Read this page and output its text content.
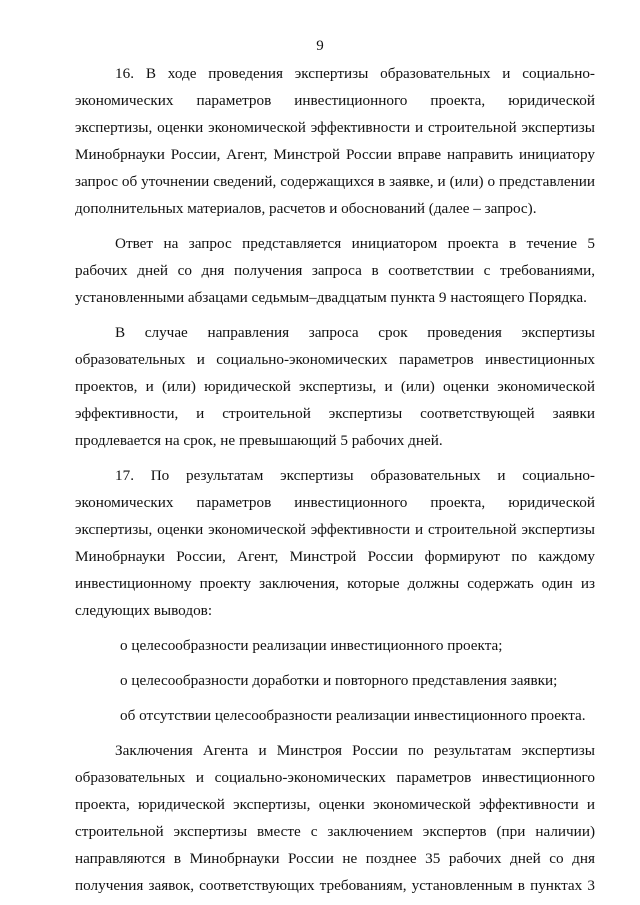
9

16. В ходе проведения экспертизы образовательных и социально-экономических параметров инвестиционного проекта, юридической экспертизы, оценки экономической эффективности и строительной экспертизы Минобрнауки России, Агент, Минстрой России вправе направить инициатору запрос об уточнении сведений, содержащихся в заявке, и (или) о представлении дополнительных материалов, расчетов и обоснований (далее – запрос).

Ответ на запрос представляется инициатором проекта в течение 5 рабочих дней со дня получения запроса в соответствии с требованиями, установленными абзацами седьмым–двадцатым пункта 9 настоящего Порядка.

В случае направления запроса срок проведения экспертизы образовательных и социально-экономических параметров инвестиционных проектов, и (или) юридической экспертизы, и (или) оценки экономической эффективности, и строительной экспертизы соответствующей заявки продлевается на срок, не превышающий 5 рабочих дней.

17. По результатам экспертизы образовательных и социально-экономических параметров инвестиционного проекта, юридической экспертизы, оценки экономической эффективности и строительной экспертизы Минобрнауки России, Агент, Минстрой России формируют по каждому инвестиционному проекту заключения, которые должны содержать один из следующих выводов:

о целесообразности реализации инвестиционного проекта;

о целесообразности доработки и повторного представления заявки;

об отсутствии целесообразности реализации инвестиционного проекта.

Заключения Агента и Минстроя России по результатам экспертизы образовательных и социально-экономических параметров инвестиционного проекта, юридической экспертизы, оценки экономической эффективности и строительной экспертизы вместе с заключением экспертов (при наличии) направляются в Минобрнауки России не позднее 35 рабочих дней со дня получения заявок, соответствующих требованиям, установленным в пунктах 3
